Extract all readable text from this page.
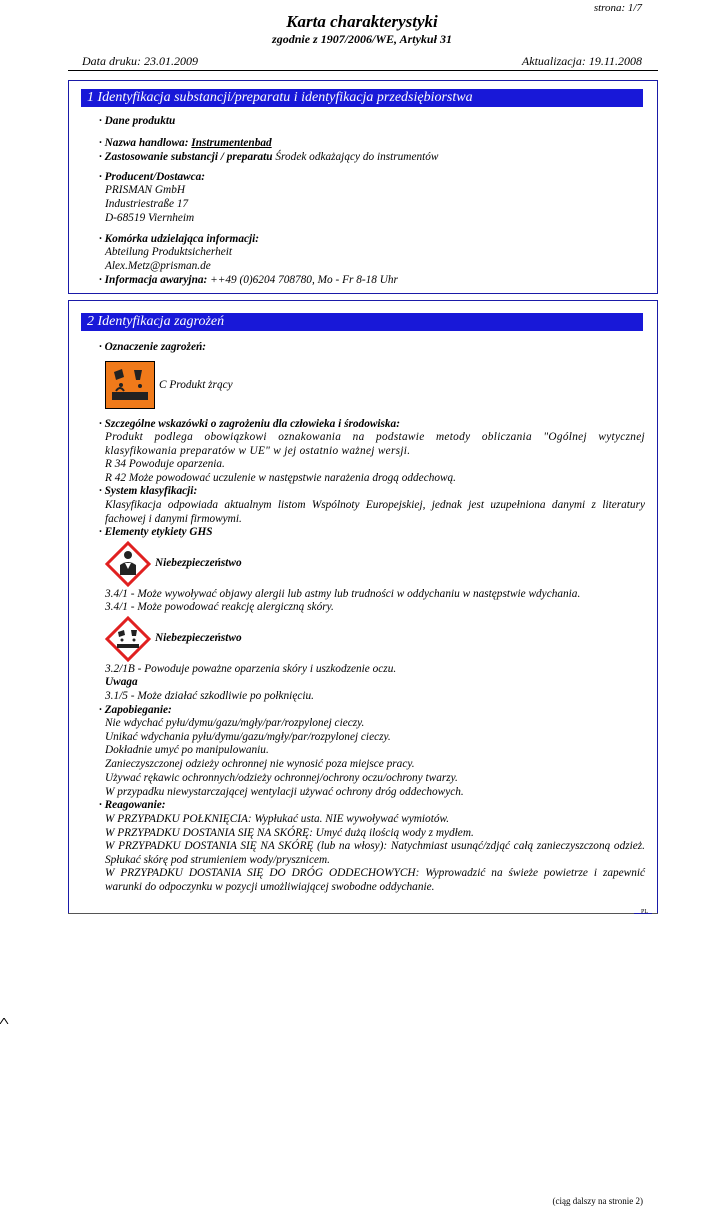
strona: 1/7
Karta charakterystyki
zgodnie z 1907/2006/WE, Artykuł 31
Data druku: 23.01.2009	Aktualizacja: 19.11.2008
1 Identyfikacja substancji/preparatu i identyfikacja przedsiębiorstwa
· Dane produktu
· Nazwa handlowa: Instrumentenbad
· Zastosowanie substancji / preparatu Środek odkażający do instrumentów
· Producent/Dostawca:
PRISMAN GmbH
Industriestraße 17
D-68519 Viernheim
· Komórka udzielająca informacji:
Abteilung Produktsicherheit
Alex.Metz@prisman.de
· Informacja awaryjna: ++49 (0)6204 708780, Mo - Fr 8-18 Uhr
2 Identyfikacja zagrożeń
· Oznaczenie zagrożeń:
C Produkt żrący
· Szczególne wskazówki o zagrożeniu dla człowieka i środowiska:
Produkt podlega obowiązkowi oznakowania na podstawie metody obliczania "Ogólnej wytycznej klasyfikowania preparatów w UE" w jej ostatnio ważnej wersji.
R 34 Powoduje oparzenia.
R 42 Może powodować uczulenie w następstwie narażenia drogą oddechową.
· System klasyfikacji:
Klasyfikacja odpowiada aktualnym listom Wspólnoty Europejskiej, jednak jest uzupełniona danymi z literatury fachowej i danymi firmowymi.
· Elementy etykiety GHS
Niebezpieczeństwo
3.4/1 - Może wywoływać objawy alergii lub astmy lub trudności w oddychaniu w następstwie wdychania.
3.4/1 - Może powodować reakcję alergiczną skóry.
Niebezpieczeństwo
3.2/1B - Powoduje poważne oparzenia skóry i uszkodzenie oczu.
Uwaga
3.1/5 - Może działać szkodliwie po połknięciu.
· Zapobieganie:
Nie wdychać pyłu/dymu/gazu/mgły/par/rozpylonej cieczy.
Unikać wdychania pyłu/dymu/gazu/mgły/par/rozpylonej cieczy.
Dokładnie umyć po manipulowaniu.
Zanieczyszczonej odzieży ochronnej nie wynosić poza miejsce pracy.
Używać rękawic ochronnych/odzieży ochronnej/ochrony oczu/ochrony twarzy.
W przypadku niewystarczającej wentylacji używać ochrony dróg oddechowych.
· Reagowanie:
W PRZYPADKU POŁKNIĘCIA: Wypłukać usta. NIE wywoływać wymiotów.
W PRZYPADKU DOSTANIA SIĘ NA SKÓRĘ: Umyć dużą ilością wody z mydłem.
W PRZYPADKU DOSTANIA SIĘ NA SKÓRĘ (lub na włosy): Natychmiast usunąć/zdjąć całą zanieczyszczoną odzież. Spłukać skórę pod strumieniem wody/prysznicem.
W PRZYPADKU DOSTANIA SIĘ DO DRÓG ODDECHOWYCH: Wyprowadzić na świeże powietrze i zapewnić warunki do odpoczynku w pozycji umożliwiającej swobodne oddychanie.
(ciąg dalszy na stronie 2)
PL
